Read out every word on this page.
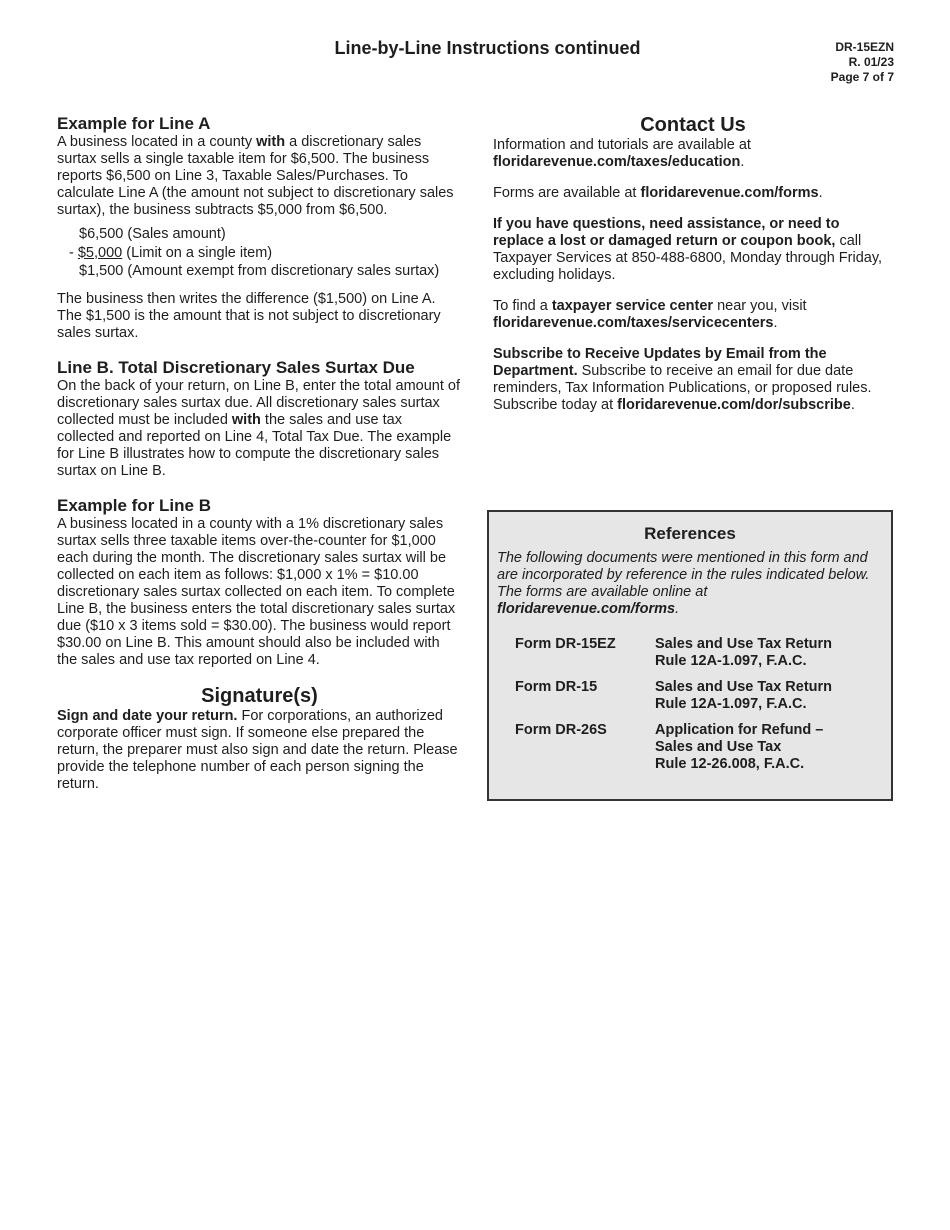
Line-by-Line Instructions continued	DR-15EZN
R. 01/23
Page 7 of 7
Example for Line A

A business located in a county with a discretionary sales surtax sells a single taxable item for $6,500. The business reports $6,500 on Line 3, Taxable Sales/Purchases. To calculate Line A (the amount not subject to discretionary sales surtax), the business subtracts $5,000 from $6,500.

$6,500 (Sales amount)
- $5,000 (Limit on a single item)
$1,500 (Amount exempt from discretionary sales surtax)

The business then writes the difference ($1,500) on Line A. The $1,500 is the amount that is not subject to discretionary sales surtax.

Line B. Total Discretionary Sales Surtax Due

On the back of your return, on Line B, enter the total amount of discretionary sales surtax due. All discretionary sales surtax collected must be included with the sales and use tax collected and reported on Line 4, Total Tax Due. The example for Line B illustrates how to compute the discretionary sales surtax on Line B.

Example for Line B

A business located in a county with a 1% discretionary sales surtax sells three taxable items over-the-counter for $1,000 each during the month. The discretionary sales surtax will be collected on each item as follows: $1,000 x 1% = $10.00 discretionary sales surtax collected on each item. To complete Line B, the business enters the total discretionary sales surtax due ($10 x 3 items sold = $30.00). The business would report $30.00 on Line B. This amount should also be included with the sales and use tax reported on Line 4.

Signature(s)

Sign and date your return. For corporations, an authorized corporate officer must sign. If someone else prepared the return, the preparer must also sign and date the return. Please provide the telephone number of each person signing the return.

Contact Us

Information and tutorials are available at floridarevenue.com/taxes/education.

Forms are available at floridarevenue.com/forms.

If you have questions, need assistance, or need to replace a lost or damaged return or coupon book, call Taxpayer Services at 850-488-6800, Monday through Friday, excluding holidays.

To find a taxpayer service center near you, visit floridarevenue.com/taxes/servicecenters.

Subscribe to Receive Updates by Email from the Department. Subscribe to receive an email for due date reminders, Tax Information Publications, or proposed rules. Subscribe today at floridarevenue.com/dor/subscribe.

References

The following documents were mentioned in this form and are incorporated by reference in the rules indicated below. The forms are available online at floridarevenue.com/forms.

Form DR-15EZ	Sales and Use Tax Return
Rule 12A-1.097, F.A.C.
Form DR-15	Sales and Use Tax Return
Rule 12A-1.097, F.A.C.
Form DR-26S	Application for Refund –
Sales and Use Tax
Rule 12-26.008, F.A.C.
